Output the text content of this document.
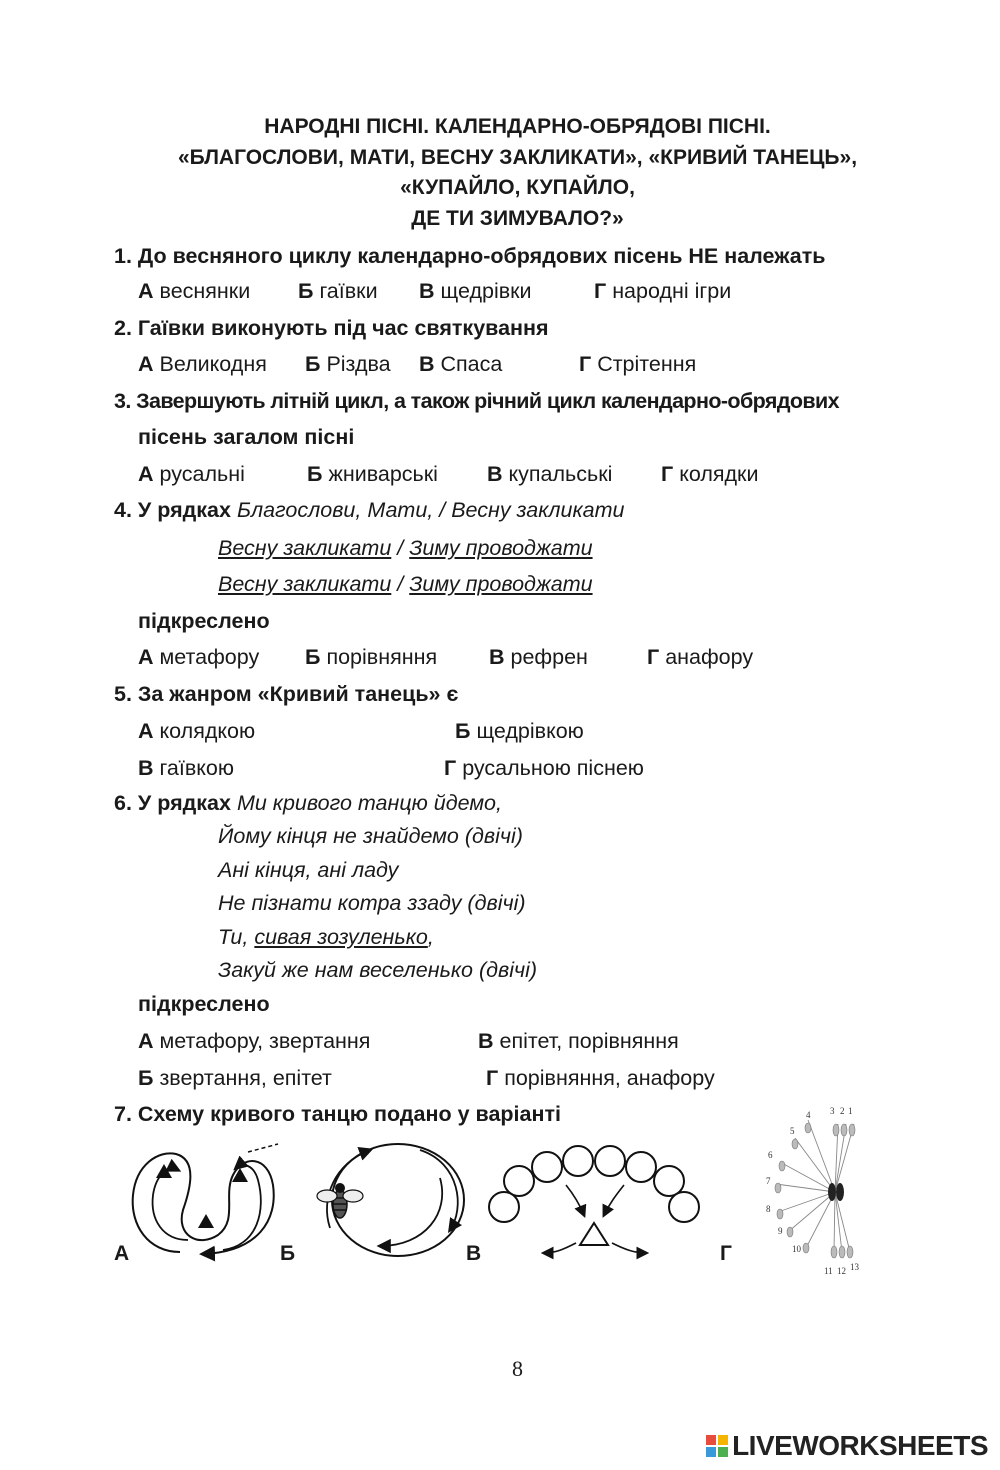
НАРОДНІ ПІСНІ. КАЛЕНДАРНО-ОБРЯДОВІ ПІСНІ.
«БЛАГОСЛОВИ, МАТИ, ВЕСНУ ЗАКЛИКАТИ», «КРИВИЙ ТАНЕЦЬ»,
«КУПАЙЛО, КУПАЙЛО,
ДЕ ТИ ЗИМУВАЛО?»
1. До весняного циклу календарно-обрядових пісень НЕ належать
А веснянки Б гаївки В щедрівки	Г народні ігри
2. Гаївки виконують під час святкування
А Великодня Б Різдва В Спаса	Г Стрітення
3. Завершують літній цикл, а також річний цикл календарно-обрядових
пісень загалом пісні
А русальні	Б жниварські В купальські Г колядки
4. У рядках Благослови, Мати, / Весну закликати
Весну закликати / Зиму проводжати
Весну закликати / Зиму проводжати
підкреслено
А метафору Б порівняння В рефрен	Г анафору
5. За жанром «Кривий танець» є
А колядкою	Б щедрівкою
В гаївкою	Г русальною піснею
6. У рядках Ми кривого танцю йдемо,
Йому кінця не знайдемо (двічі)
Ані кінця, ані ладу
Не пізнати котра ззаду (двічі)
Ти, сивая зозуленько,
Закуй же нам веселенько (двічі)
підкреслено
А метафору, звертання	В епітет, порівняння
Б звертання, епітет	Г порівняння, анафору
7. Схему кривого танцю подано у варіанті	3 2 1
4
5
6
7
8
9
10
11 12 13
А	Б	В	Г
8
LIVEWORKSHEETS
